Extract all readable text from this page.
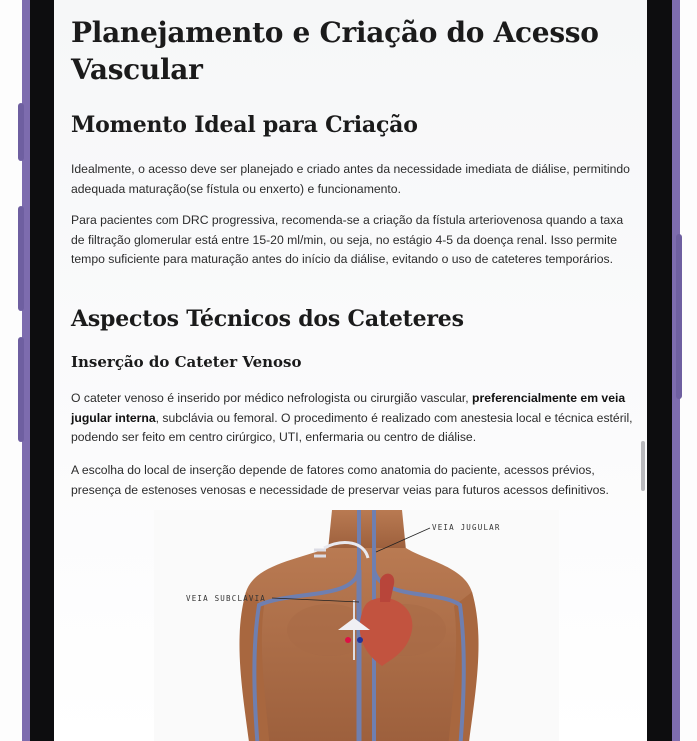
Planejamento e Criação do Acesso Vascular
Momento Ideal para Criação

Idealmente, o acesso deve ser planejado e criado antes da necessidade imediata de diálise, permitindo adequada maturação(se fístula ou enxerto) e funcionamento.

Para pacientes com DRC progressiva, recomenda-se a criação da fístula arteriovenosa quando a taxa de filtração glomerular está entre 15-20 ml/min, ou seja, no estágio 4-5 da doença renal. Isso permite tempo suficiente para maturação antes do início da diálise, evitando o uso de cateteres temporários.

Aspectos Técnicos dos Cateteres
Inserção do Cateter Venoso

O cateter venoso é inserido por médico nefrologista ou cirurgião vascular, preferencialmente em veia jugular interna, subclávia ou femoral. O procedimento é realizado com anestesia local e técnica estéril, podendo ser feito em centro cirúrgico, UTI, enfermaria ou centro de diálise.

A escolha do local de inserção depende de fatores como anatomia do paciente, acessos prévios, presença de estenoses venosas e necessidade de preservar veias para futuros acessos definitivos.

VEIA JUGULAR
VEIA SUBCLAVIA
